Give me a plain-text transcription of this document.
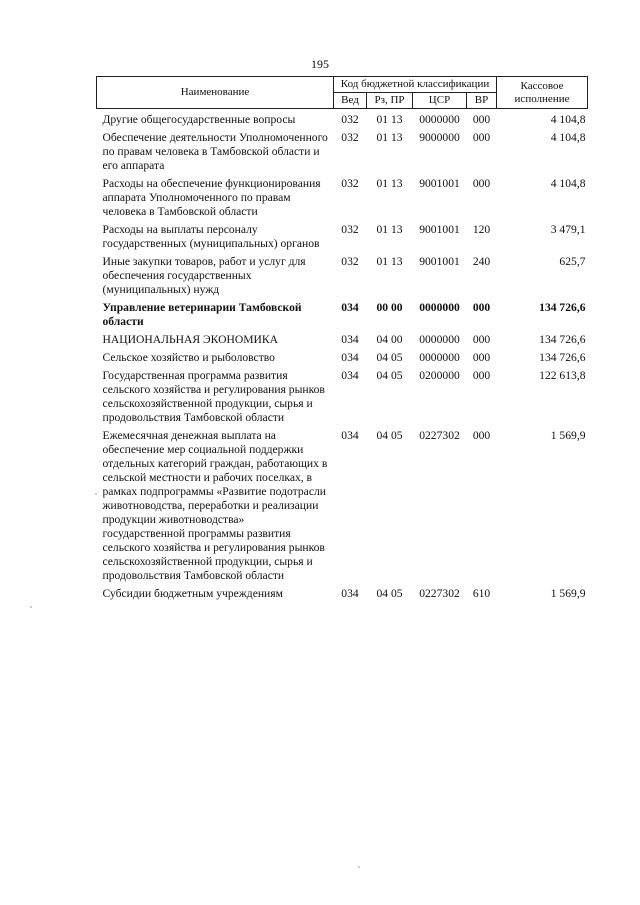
195
Наименование	Код бюджетной классификации				Кассовое исполнение
	Вед	Рз, ПР	ЦСР	ВР	
Другие общегосударственные вопросы	032	01 13	0000000	000	4 104,8
Обеспечение деятельности Уполномоченного по правам человека в Тамбовской области и его аппарата	032	01 13	9000000	000	4 104,8
Расходы на обеспечение функционирования аппарата Уполномоченного по правам человека в Тамбовской области	032	01 13	9001001	000	4 104,8
Расходы на выплаты персоналу государственных (муниципальных) органов	032	01 13	9001001	120	3 479,1
Иные закупки товаров, работ и услуг для обеспечения государственных (муниципальных) нужд	032	01 13	9001001	240	625,7
Управление ветеринарии Тамбовской области	034	00 00	0000000	000	134 726,6
НАЦИОНАЛЬНАЯ ЭКОНОМИКА	034	04 00	0000000	000	134 726,6
Сельское хозяйство и рыболовство	034	04 05	0000000	000	134 726,6
Государственная программа развития сельского хозяйства и регулирования рынков сельскохозяйственной продукции, сырья и продовольствия Тамбовской области	034	04 05	0200000	000	122 613,8
Ежемесячная денежная выплата на обеспечение мер социальной поддержки отдельных категорий граждан, работающих в сельской местности и рабочих поселках, в рамках подпрограммы «Развитие подотрасли животноводства, переработки и реализации продукции животноводства» государственной программы развития сельского хозяйства и регулирования рынков сельскохозяйственной продукции, сырья и продовольствия Тамбовской области	034	04 05	0227302	000	1 569,9
Субсидии бюджетным учреждениям	034	04 05	0227302	610	1 569,9
